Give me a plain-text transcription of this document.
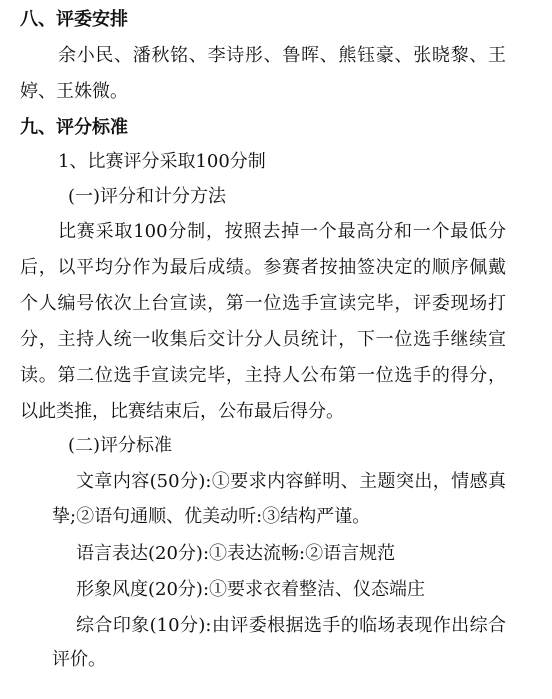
八、评委安排
余小民、潘秋铭、李诗彤、鲁晖、熊钰豪、张晓黎、王
婷、王姝微。
九、评分标准
1、比赛评分采取100分制
(一)评分和计分方法
比赛采取100分制，按照去掉一个最高分和一个最低分
后，以平均分作为最后成绩。参赛者按抽签决定的顺序佩戴
个人编号依次上台宣读，第一位选手宣读完毕，评委现场打
分，主持人统一收集后交计分人员统计，下一位选手继续宣
读。第二位选手宣读完毕，主持人公布第一位选手的得分，
以此类推，比赛结束后，公布最后得分。
(二)评分标准
文章内容(50分):①要求内容鲜明、主题突出，情感真
挚;②语句通顺、优美动听:③结构严谨。
语言表达(20分):①表达流畅:②语言规范
形象风度(20分):①要求衣着整洁、仪态端庄
综合印象(10分):由评委根据选手的临场表现作出综合
评价。
